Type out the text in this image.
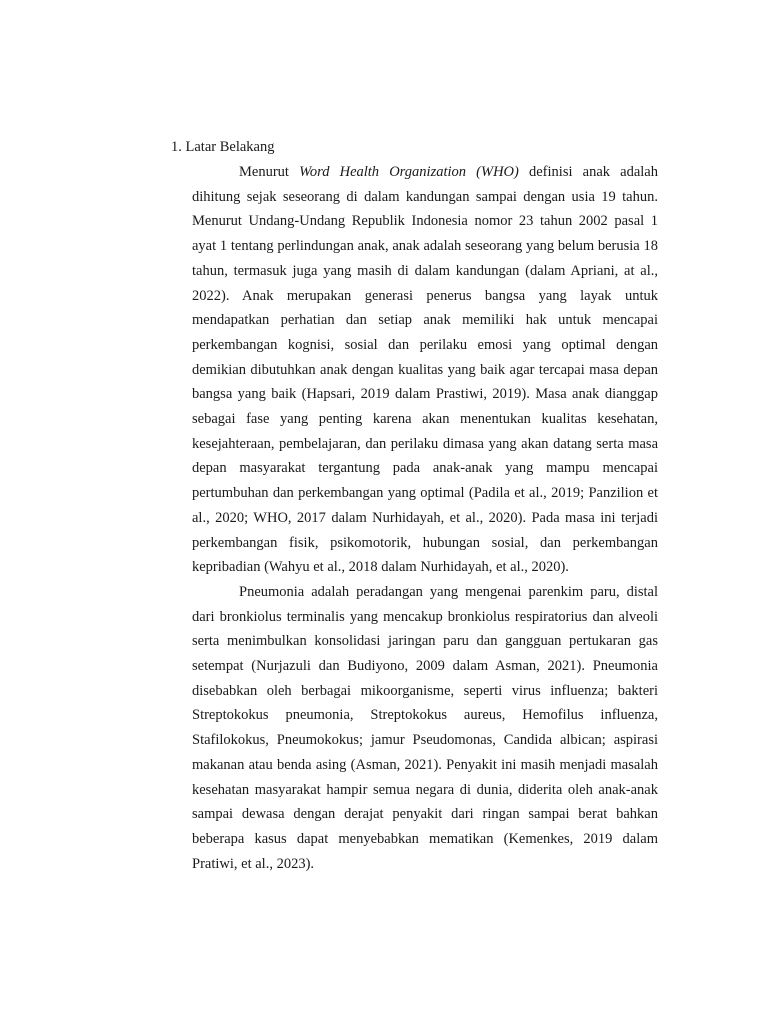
1. Latar Belakang

Menurut Word Health Organization (WHO) definisi anak adalah dihitung sejak seseorang di dalam kandungan sampai dengan usia 19 tahun. Menurut Undang-Undang Republik Indonesia nomor 23 tahun 2002 pasal 1 ayat 1 tentang perlindungan anak, anak adalah seseorang yang belum berusia 18 tahun, termasuk juga yang masih di dalam kandungan (dalam Apriani, at al., 2022). Anak merupakan generasi penerus bangsa yang layak untuk mendapatkan perhatian dan setiap anak memiliki hak untuk mencapai perkembangan kognisi, sosial dan perilaku emosi yang optimal dengan demikian dibutuhkan anak dengan kualitas yang baik agar tercapai masa depan bangsa yang baik (Hapsari, 2019 dalam Prastiwi, 2019). Masa anak dianggap sebagai fase yang penting karena akan menentukan kualitas kesehatan, kesejahteraan, pembelajaran, dan perilaku dimasa yang akan datang serta masa depan masyarakat tergantung pada anak-anak yang mampu mencapai pertumbuhan dan perkembangan yang optimal (Padila et al., 2019; Panzilion et al., 2020; WHO, 2017 dalam Nurhidayah, et al., 2020). Pada masa ini terjadi perkembangan fisik, psikomotorik, hubungan sosial, dan perkembangan kepribadian (Wahyu et al., 2018 dalam Nurhidayah, et al., 2020).

Pneumonia adalah peradangan yang mengenai parenkim paru, distal dari bronkiolus terminalis yang mencakup bronkiolus respiratorius dan alveoli serta menimbulkan konsolidasi jaringan paru dan gangguan pertukaran gas setempat (Nurjazuli dan Budiyono, 2009 dalam Asman, 2021). Pneumonia disebabkan oleh berbagai mikoorganisme, seperti virus influenza; bakteri Streptokokus pneumonia, Streptokokus aureus, Hemofilus influenza, Stafilokokus, Pneumokokus; jamur Pseudomonas, Candida albican; aspirasi makanan atau benda asing (Asman, 2021). Penyakit ini masih menjadi masalah kesehatan masyarakat hampir semua negara di dunia, diderita oleh anak-anak sampai dewasa dengan derajat penyakit dari ringan sampai berat bahkan beberapa kasus dapat menyebabkan mematikan (Kemenkes, 2019 dalam Pratiwi, et al., 2023).
